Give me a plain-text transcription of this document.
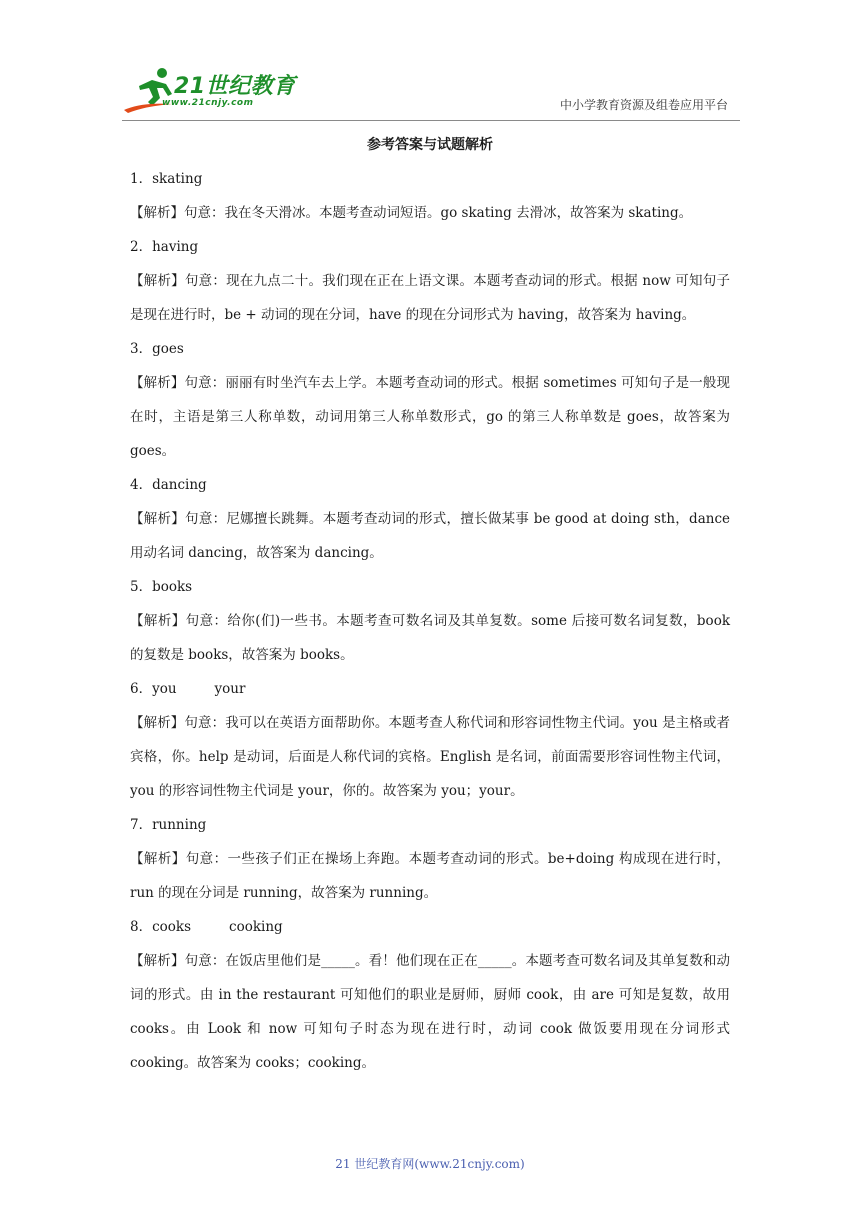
21世纪教育
www.21cnjy.com	中小学教育资源及组卷应用平台
参考答案与试题解析
1．skating
【解析】句意：我在冬天滑冰。本题考查动词短语。go skating 去滑冰，故答案为 skating。
2．having
【解析】句意：现在九点二十。我们现在正在上语文课。本题考查动词的形式。根据 now 可知句子是现在进行时，be + 动词的现在分词，have 的现在分词形式为 having，故答案为 having。
3．goes
【解析】句意：丽丽有时坐汽车去上学。本题考查动词的形式。根据 sometimes 可知句子是一般现在时，主语是第三人称单数，动词用第三人称单数形式，go 的第三人称单数是 goes，故答案为 goes。
4．dancing
【解析】句意：尼娜擅长跳舞。本题考查动词的形式，擅长做某事 be good at doing sth，dance 用动名词 dancing，故答案为 dancing。
5．books
【解析】句意：给你(们)一些书。本题考查可数名词及其单复数。some 后接可数名词复数，book 的复数是 books，故答案为 books。
6．you	your
【解析】句意：我可以在英语方面帮助你。本题考查人称代词和形容词性物主代词。you 是主格或者宾格，你。help 是动词，后面是人称代词的宾格。English 是名词，前面需要形容词性物主代词，you 的形容词性物主代词是 your，你的。故答案为 you；your。
7．running
【解析】句意：一些孩子们正在操场上奔跑。本题考查动词的形式。be+doing 构成现在进行时，run 的现在分词是 running，故答案为 running。
8．cooks	cooking
【解析】句意：在饭店里他们是_____。看！他们现在正在_____。本题考查可数名词及其单复数和动词的形式。由 in the restaurant 可知他们的职业是厨师，厨师 cook，由 are 可知是复数，故用 cooks。由 Look 和 now 可知句子时态为现在进行时，动词 cook 做饭要用现在分词形式 cooking。故答案为 cooks；cooking。
21 世纪教育网(www.21cnjy.com)
